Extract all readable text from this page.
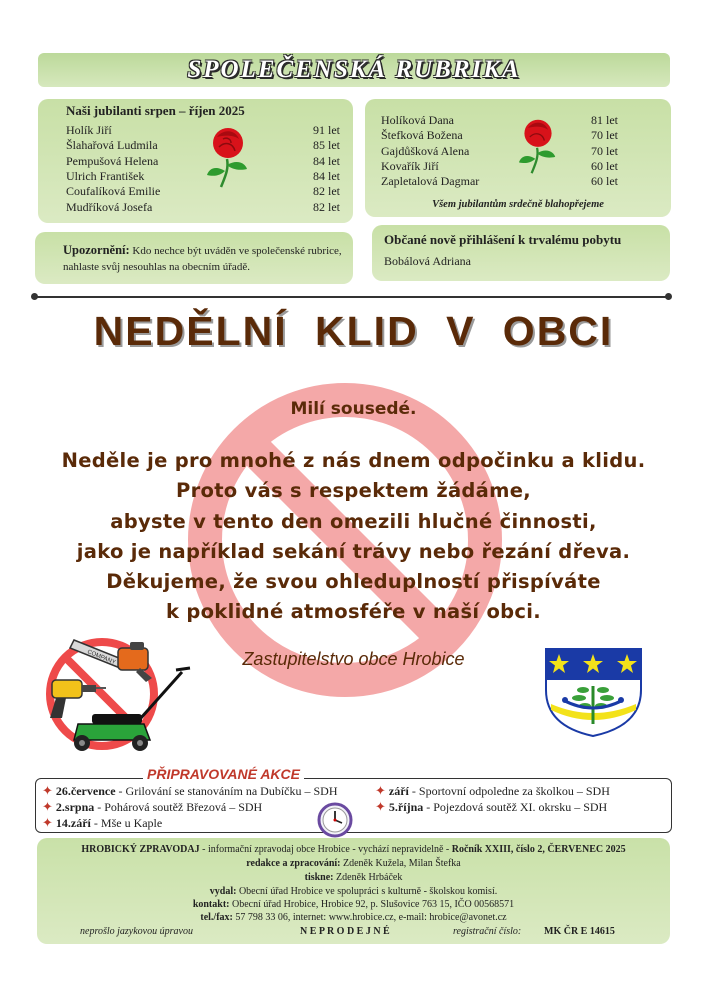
SPOLEČENSKÁ RUBRIKA
Naši jubilanti srpen – říjen 2025
Holík Jiří	91 let
Šlahařová Ludmila	85 let
Pempušová Helena	84 let
Ulrich František	84 let
Coufalíková Emilie	82 let
Mudříková Josefa	82 let
Holíková Dana	81 let
Štefková Božena	70 let
Gajdůšková Alena	70 let
Kovařík Jiří	60 let
Zapletalová Dagmar	60 let
Všem jubilantům srdečně blahopřejeme
Upozornění: Kdo nechce být uváděn ve společenské rubrice, nahlaste svůj nesouhlas na obecním úřadě.
Občané nově přihlášení k trvalému pobytu
Bobálová Adriana
NEDĚLNÍ KLID V OBCI
Milí sousedé.
Neděle je pro mnohé z nás dnem odpočinku a klidu.
Proto vás s respektem žádáme,
abyste v tento den omezili hlučné činnosti,
jako je například sekání trávy nebo řezání dřeva.
Děkujeme, že svou ohleduplností přispíváte
k poklidné atmosféře v naší obci.
Zastupitelstvo obce Hrobice
COMPANY
PŘIPRAVOVANÉ AKCE
✦ 26.července - Grilování se stanováním na Dubíčku – SDH	✦ září - Sportovní odpoledne za školkou – SDH
✦ 2.srpna - Pohárová soutěž Březová – SDH	✦ 5.října - Pojezdová soutěž XI. okrsku – SDH
✦ 14.září - Mše u Kaple
HROBICKÝ ZPRAVODAJ - informační zpravodaj obce Hrobice - vychází nepravidelně - Ročník XXIII, číslo 2, ČERVENEC 2025
redakce a zpracování: Zdeněk Kužela, Milan Štefka
tiskne: Zdeněk Hrbáček
vydal: Obecní úřad Hrobice ve spolupráci s kulturně - školskou komisí.
kontakt: Obecní úřad Hrobice, Hrobice 92, p. Slušovice 763 15, IČO 00568571
tel./fax: 57 798 33 06, internet: www.hrobice.cz, e-mail: hrobice@avonet.cz
neprošlo jazykovou úpravou	N E P R O D E J N É	registrační číslo: MK ČR E 14615
